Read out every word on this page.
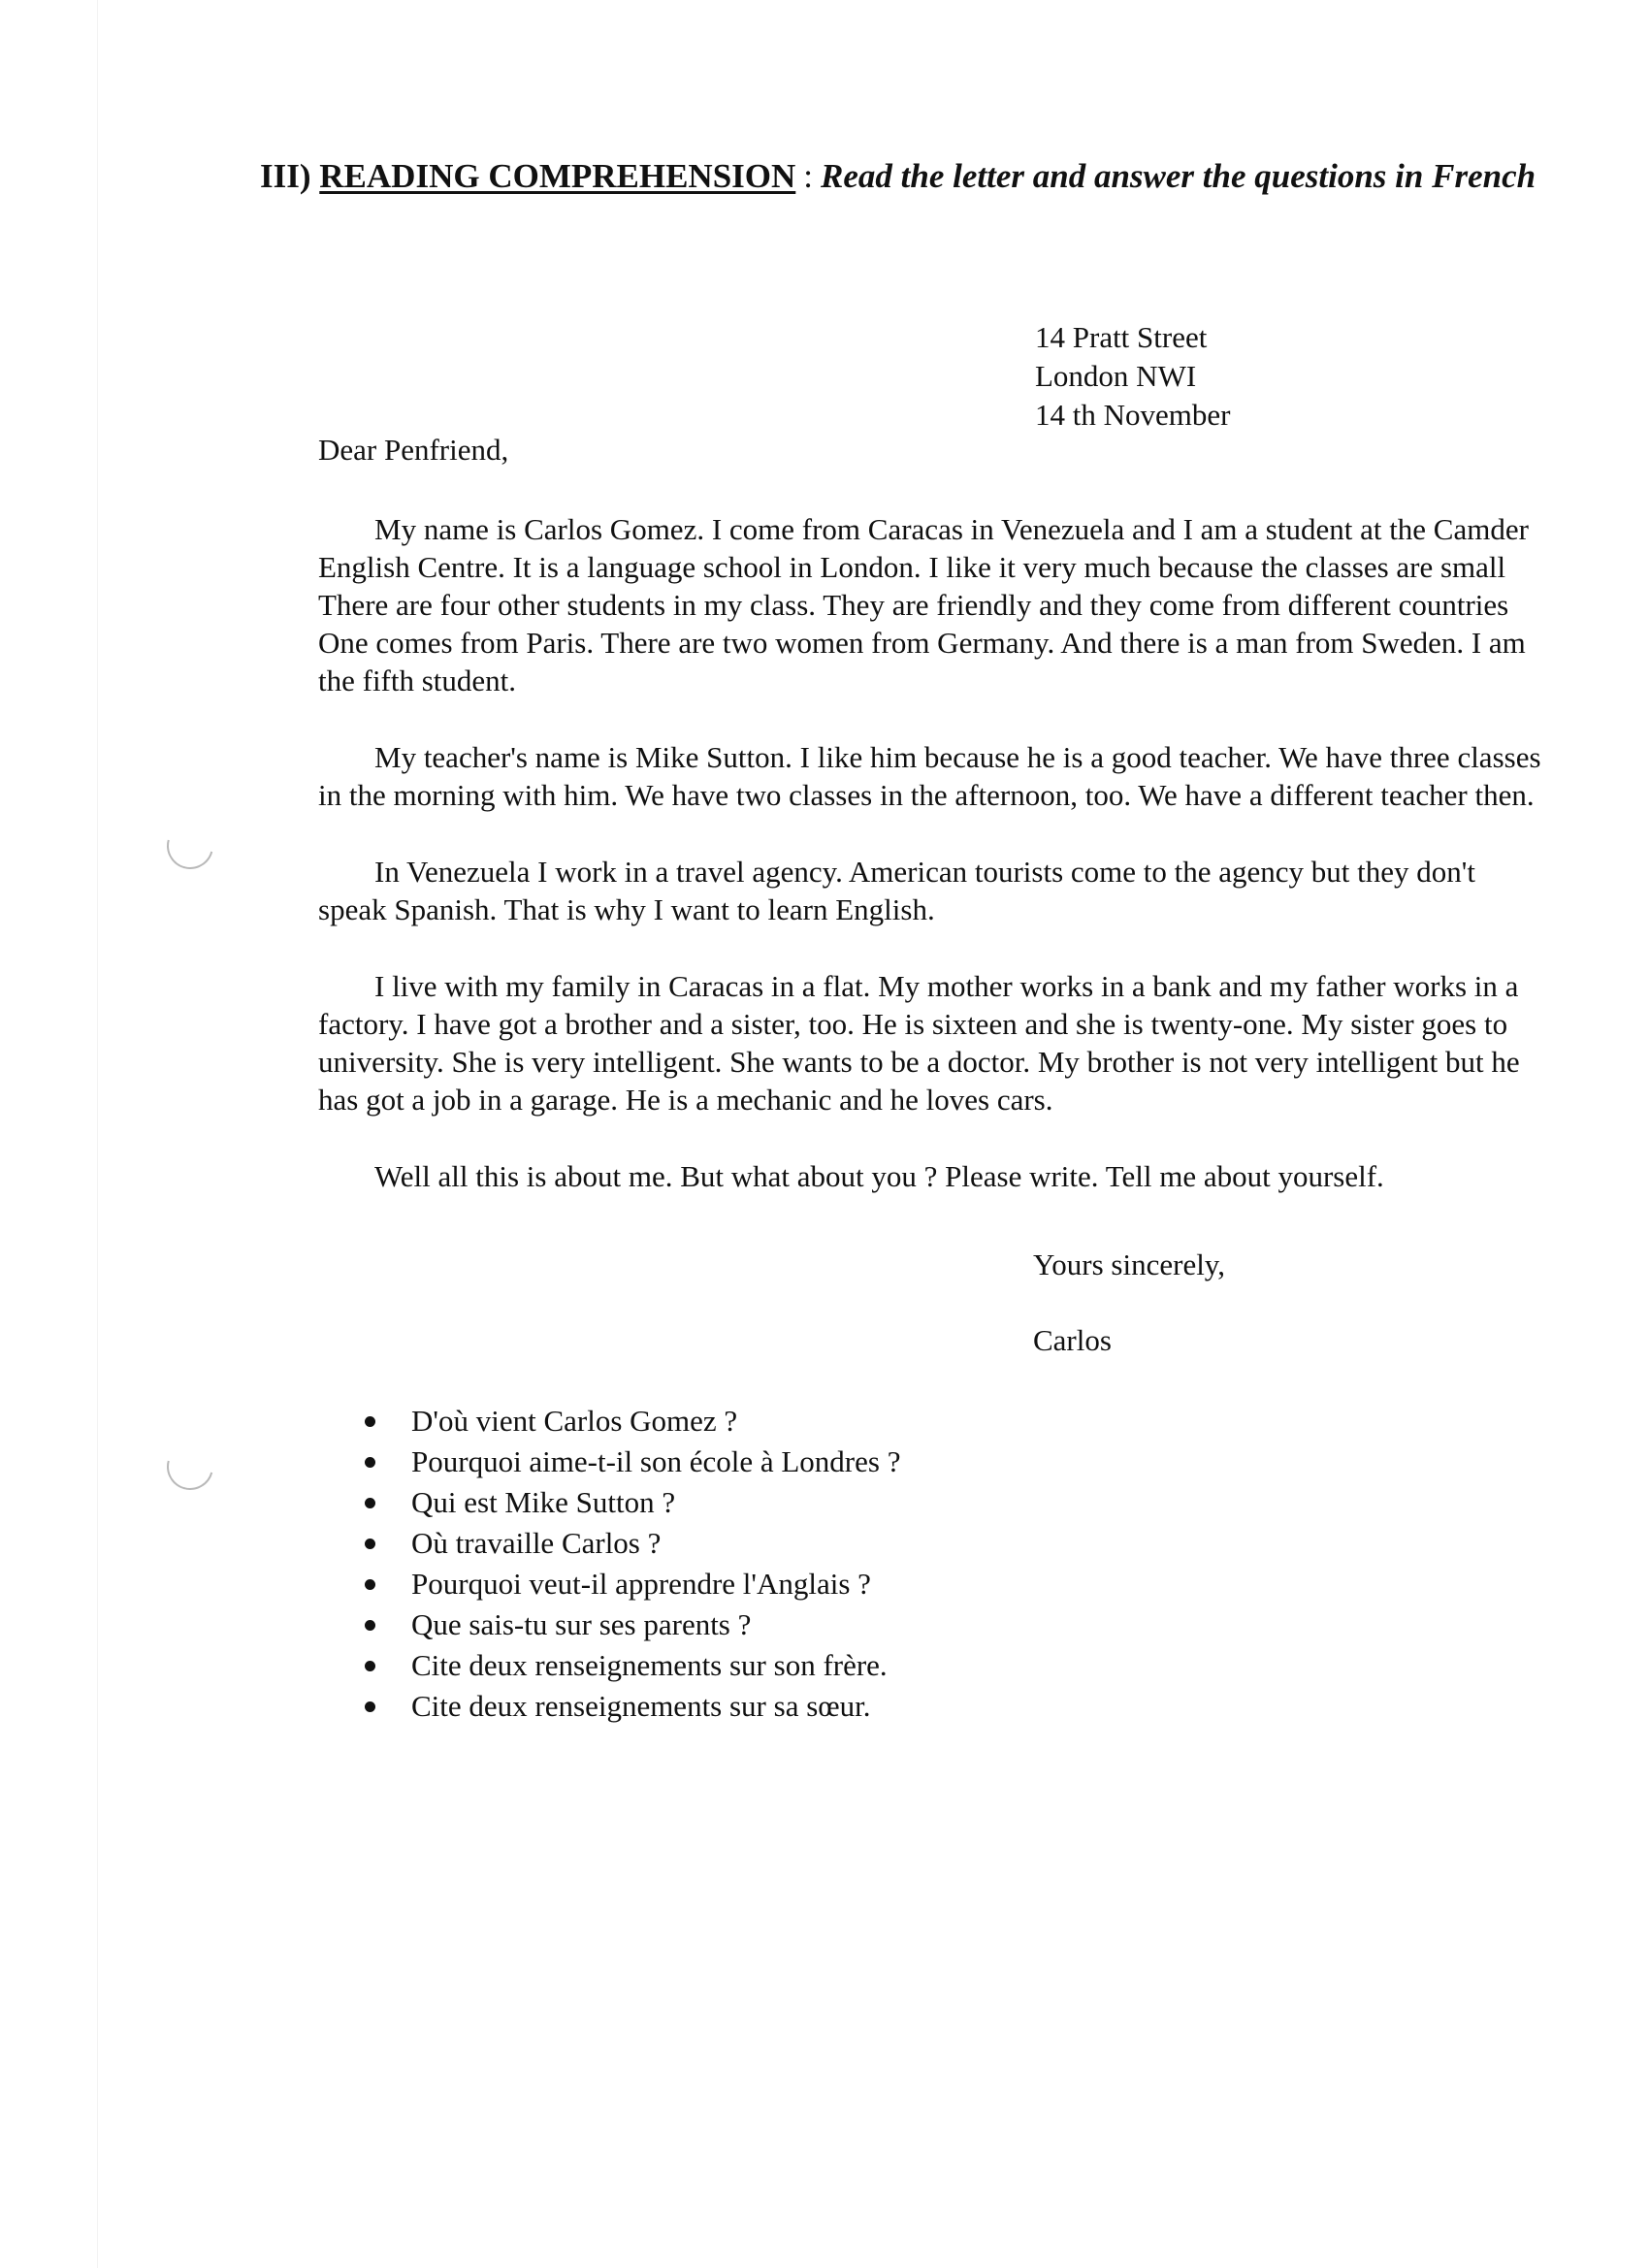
III) READING COMPREHENSION : Read the letter and answer the questions in French
14 Pratt Street
London NWI
14 th November
Dear Penfriend,

My name is Carlos Gomez. I come from Caracas in Venezuela and I am a student at the Camder
English Centre. It is a language school in London. I like it very much because the classes are small
There are four other students in my class. They are friendly and they come from different countries
One comes from Paris. There are two women from Germany. And there is a man from Sweden. I am
the fifth student.

My teacher's name is Mike Sutton. I like him because he is a good teacher. We have three classes
in the morning with him. We have two classes in the afternoon, too. We have a different teacher then.

In Venezuela I work in a travel agency. American tourists come to the agency but they don't
speak Spanish. That is why I want to learn English.

I live with my family in Caracas in a flat. My mother works in a bank and my father works in a
factory. I have got a brother and a sister, too. He is sixteen and she is twenty-one. My sister goes to
university. She is very intelligent. She wants to be a doctor. My brother is not very intelligent but he
has got a job in a garage. He is a mechanic and he loves cars.

Well all this is about me. But what about you ? Please write. Tell me about yourself.

Yours sincerely,
Carlos
D'où vient Carlos Gomez ?
Pourquoi aime-t-il son école à Londres ?
Qui est Mike Sutton ?
Où travaille Carlos ?
Pourquoi veut-il apprendre l'Anglais ?
Que sais-tu sur ses parents ?
Cite deux renseignements sur son frère.
Cite deux renseignements sur sa sœur.
